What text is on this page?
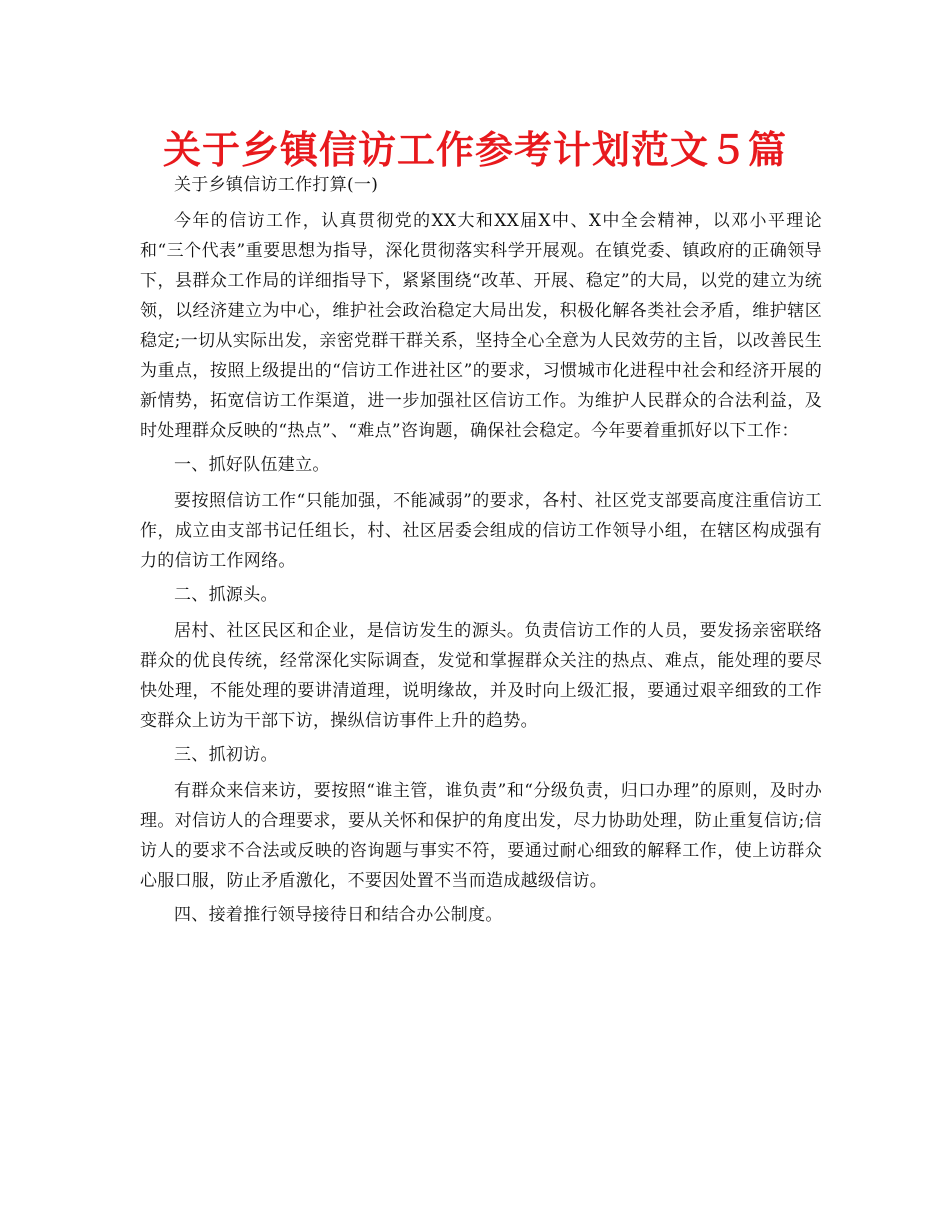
关于乡镇信访工作参考计划范文５篇

关于乡镇信访工作打算(一)

今年的信访工作，认真贯彻党的XX大和XX届X中、X中全会精神，以邓小平理论和“三个代表”重要思想为指导，深化贯彻落实科学开展观。在镇党委、镇政府的正确领导下，县群众工作局的详细指导下，紧紧围绕“改革、开展、稳定”的大局，以党的建立为统领，以经济建立为中心，维护社会政治稳定大局出发，积极化解各类社会矛盾，维护辖区稳定;一切从实际出发，亲密党群干群关系，坚持全心全意为人民效劳的主旨，以改善民生为重点，按照上级提出的“信访工作进社区”的要求，习惯城市化进程中社会和经济开展的新情势，拓宽信访工作渠道，进一步加强社区信访工作。为维护人民群众的合法利益，及时处理群众反映的“热点”、“难点”咨询题，确保社会稳定。今年要着重抓好以下工作：

一、抓好队伍建立。

要按照信访工作“只能加强，不能减弱”的要求，各村、社区党支部要高度注重信访工作，成立由支部书记任组长，村、社区居委会组成的信访工作领导小组，在辖区构成强有力的信访工作网络。

二、抓源头。

居村、社区民区和企业，是信访发生的源头。负责信访工作的人员，要发扬亲密联络群众的优良传统，经常深化实际调查，发觉和掌握群众关注的热点、难点，能处理的要尽快处理，不能处理的要讲清道理，说明缘故，并及时向上级汇报，要通过艰辛细致的工作变群众上访为干部下访，操纵信访事件上升的趋势。

三、抓初访。

有群众来信来访，要按照“谁主管，谁负责”和“分级负责，归口办理”的原则，及时办理。对信访人的合理要求，要从关怀和保护的角度出发，尽力协助处理，防止重复信访;信访人的要求不合法或反映的咨询题与事实不符，要通过耐心细致的解释工作，使上访群众心服口服，防止矛盾激化，不要因处置不当而造成越级信访。

四、接着推行领导接待日和结合办公制度。
